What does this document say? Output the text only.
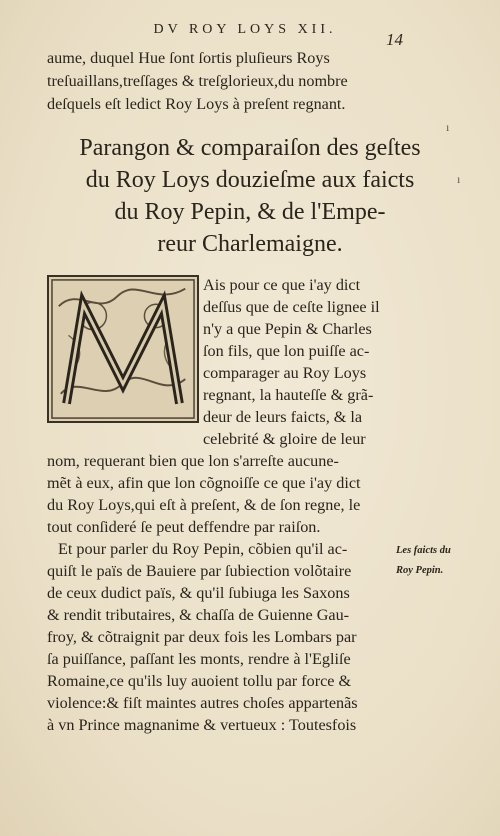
DV ROY LOYS XII.
14
aume, duquel Hue ſont ſortis pluſieurs Roys
treſuaillans,treſſages & treſglorieux,du nombre
deſquels eſt ledict Roy Loys à preſent regnant.
Parangon & comparaiſon des geſtes
du Roy Loys douzieſme aux faicts
du Roy Pepin, & de l'Empe-
reur Charlemaigne.
Ais pour ce que i'ay dict
deſſus que de ceſte lignee il
n'y a que Pepin & Charles
ſon fils, que lon puiſſe ac-
comparager au Roy Loys
regnant, la hauteſſe & grã-
deur de leurs faicts, & la
celebrité & gloire de leur
nom, requerant bien que lon s'arreſte aucune-
mẽt à eux, afin que lon cõgnoiſſe ce que i'ay dict
du Roy Loys,qui eſt à preſent, & de ſon regne, le
tout conſideré ſe peut deffendre par raiſon.
Et pour parler du Roy Pepin, cõbien qu'il ac-
quiſt le païs de Bauiere par ſubiection volõtaire
de ceux dudict païs, & qu'il ſubiuga les Saxons
& rendit tributaires, & chaſſa de Guienne Gau-
froy, & cõtraignit par deux fois les Lombars par
ſa puiſſance, paſſant les monts, rendre à l'Egliſe
Romaine,ce qu'ils luy auoient tollu par force &
violence:& fiſt maintes autres choſes appartenãs
à vn Prince magnanime & vertueux : Toutesfois
Les faicts du
Roy Pepin.
ı
ı
